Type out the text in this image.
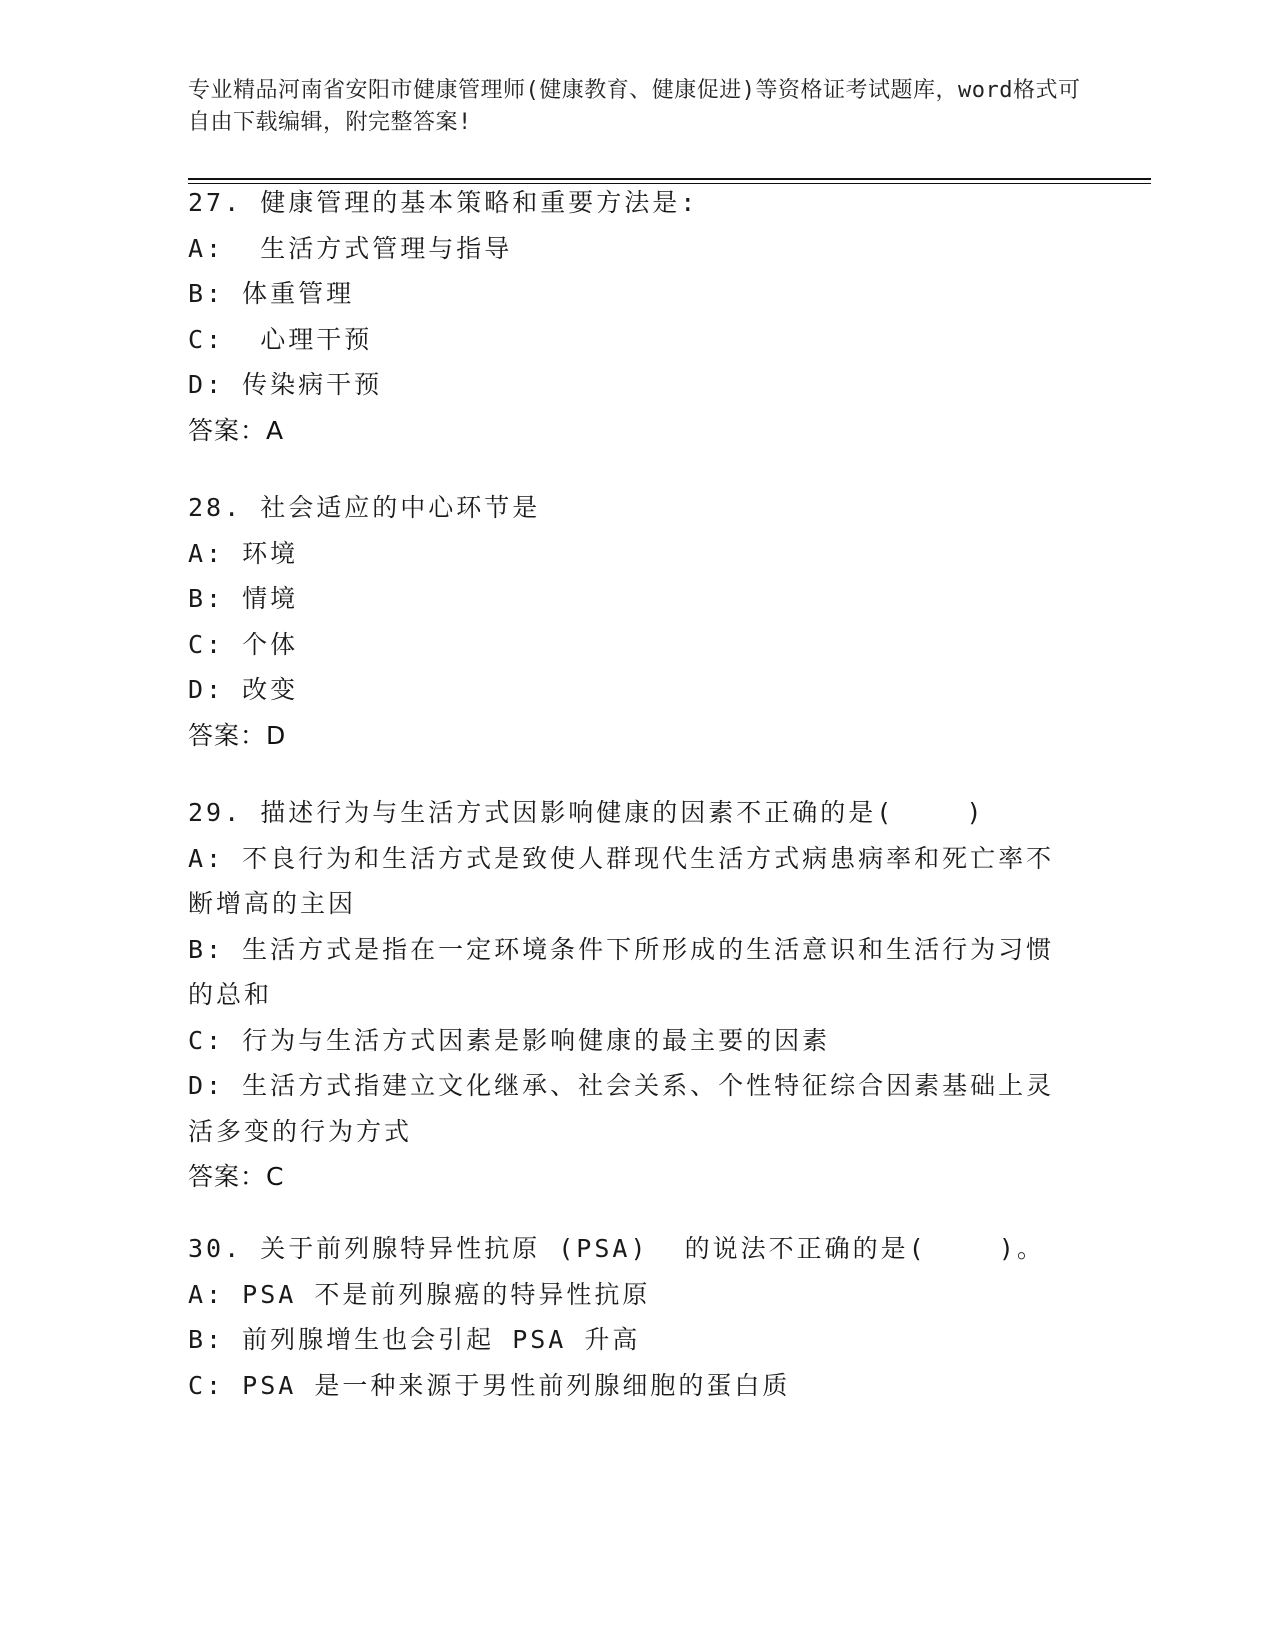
专业精品河南省安阳市健康管理师(健康教育、健康促进)等资格证考试题库，word格式可自由下载编辑，附完整答案!
27. 健康管理的基本策略和重要方法是:
A:  生活方式管理与指导
B: 体重管理
C:  心理干预
D: 传染病干预
答案：A
28. 社会适应的中心环节是
A: 环境
B: 情境
C: 个体
D: 改变
答案：D
29. 描述行为与生活方式因影响健康的因素不正确的是(    )
A: 不良行为和生活方式是致使人群现代生活方式病患病率和死亡率不断增高的主因
B: 生活方式是指在一定环境条件下所形成的生活意识和生活行为习惯的总和
C: 行为与生活方式因素是影响健康的最主要的因素
D: 生活方式指建立文化继承、社会关系、个性特征综合因素基础上灵活多变的行为方式
答案：C
30. 关于前列腺特异性抗原 (PSA)  的说法不正确的是(    )。
A: PSA 不是前列腺癌的特异性抗原
B: 前列腺增生也会引起 PSA 升高
C: PSA 是一种来源于男性前列腺细胞的蛋白质
